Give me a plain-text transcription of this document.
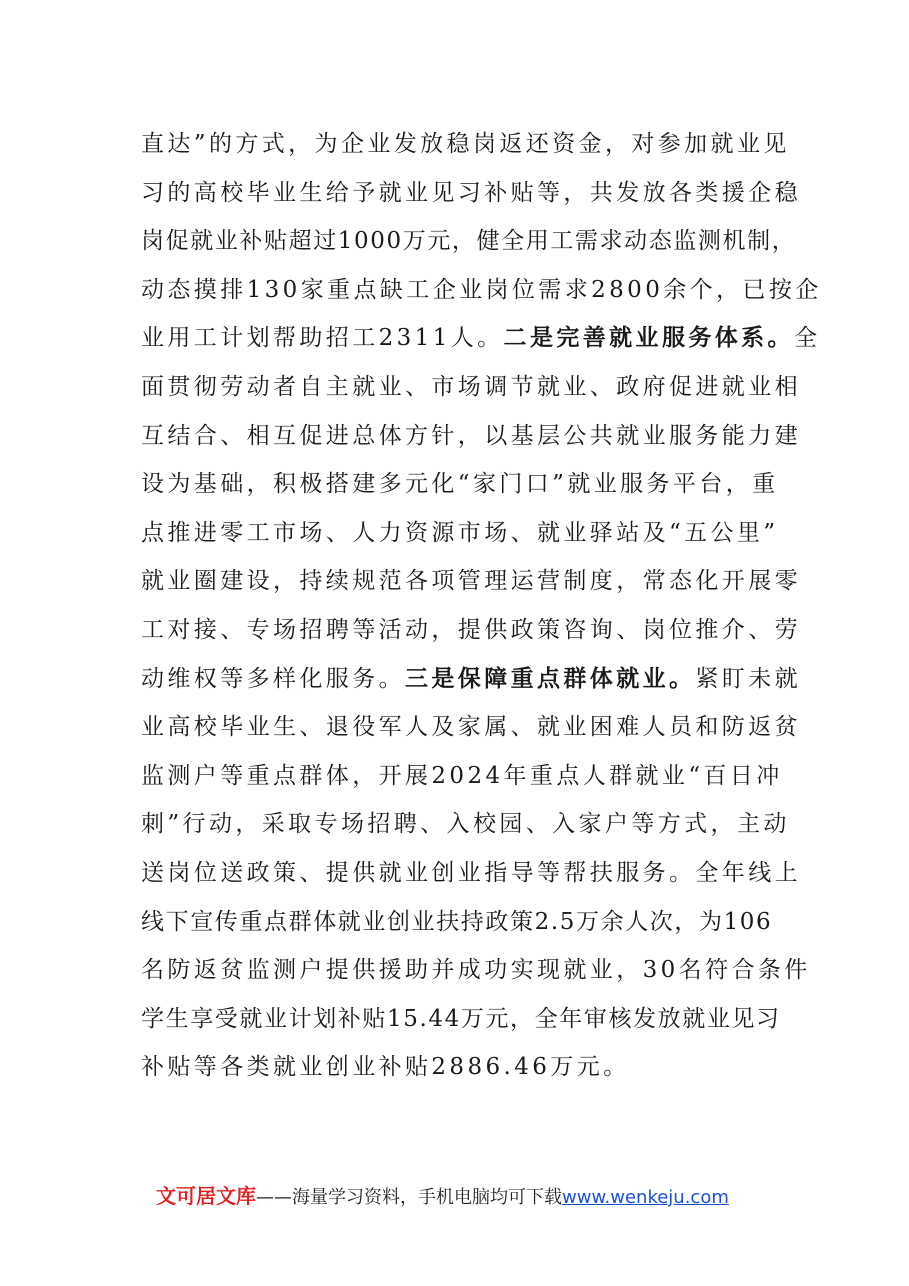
直达”的方式，为企业发放稳岗返还资金，对参加就业见
习的高校毕业生给予就业见习补贴等，共发放各类援企稳
岗促就业补贴超过1000万元，健全用工需求动态监测机制，
动态摸排130家重点缺工企业岗位需求2800余个，已按企
业用工计划帮助招工2311人。二是完善就业服务体系。全
面贯彻劳动者自主就业、市场调节就业、政府促进就业相
互结合、相互促进总体方针，以基层公共就业服务能力建
设为基础，积极搭建多元化“家门口”就业服务平台，重
点推进零工市场、人力资源市场、就业驿站及“五公里”
就业圈建设，持续规范各项管理运营制度，常态化开展零
工对接、专场招聘等活动，提供政策咨询、岗位推介、劳
动维权等多样化服务。三是保障重点群体就业。紧盯未就
业高校毕业生、退役军人及家属、就业困难人员和防返贫
监测户等重点群体，开展2024年重点人群就业“百日冲
刺”行动，采取专场招聘、入校园、入家户等方式，主动
送岗位送政策、提供就业创业指导等帮扶服务。全年线上
线下宣传重点群体就业创业扶持政策2.5万余人次，为106
名防返贫监测户提供援助并成功实现就业，30名符合条件
学生享受就业计划补贴15.44万元，全年审核发放就业见习
补贴等各类就业创业补贴2886.46万元。
文可居文库——海量学习资料，手机电脑均可下载www.wenkeju.com
